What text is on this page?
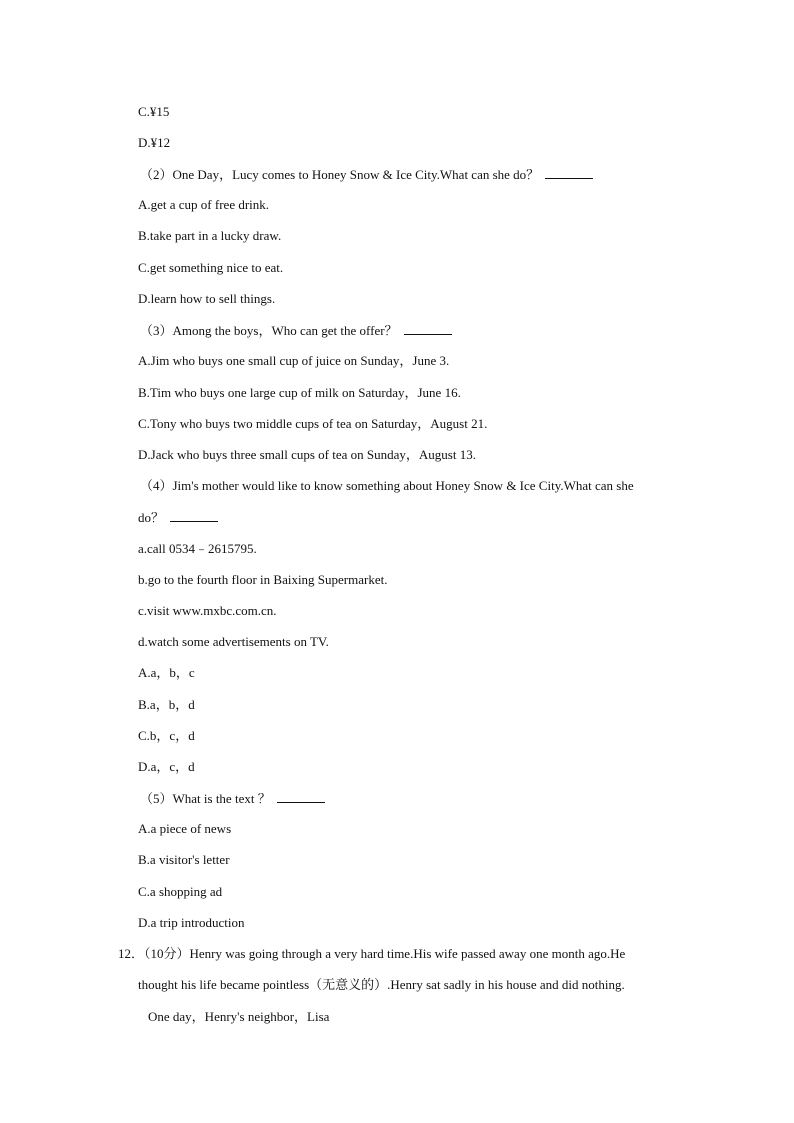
C.¥15
D.¥12
（2）One Day，Lucy comes to Honey Snow & Ice City.What can she do？
A.get a cup of free drink.
B.take part in a lucky draw.
C.get something nice to eat.
D.learn how to sell things.
（3）Among the boys，Who can get the offer？
A.Jim who buys one small cup of juice on Sunday，June 3.
B.Tim who buys one large cup of milk on Saturday，June 16.
C.Tony who buys two middle cups of tea on Saturday，August 21.
D.Jack who buys three small cups of tea on Sunday，August 13.
（4）Jim's mother would like to know something about Honey Snow & Ice City.What can she
do？
a.call 0534﹣2615795.
b.go to the fourth floor in Baixing Supermarket.
c.visit www.mxbc.com.cn.
d.watch some advertisements on TV.
A.a，b，c
B.a，b，d
C.b，c，d
D.a，c，d
（5）What is the text ？
A.a piece of news
B.a visitor's letter
C.a shopping ad
D.a trip introduction
12．（10分）Henry was going through a very hard time.His wife passed away one month ago.He
thought his life became pointless（无意义的）.Henry sat sadly in his house and did nothing.
One day，Henry's neighbor，Lisa
